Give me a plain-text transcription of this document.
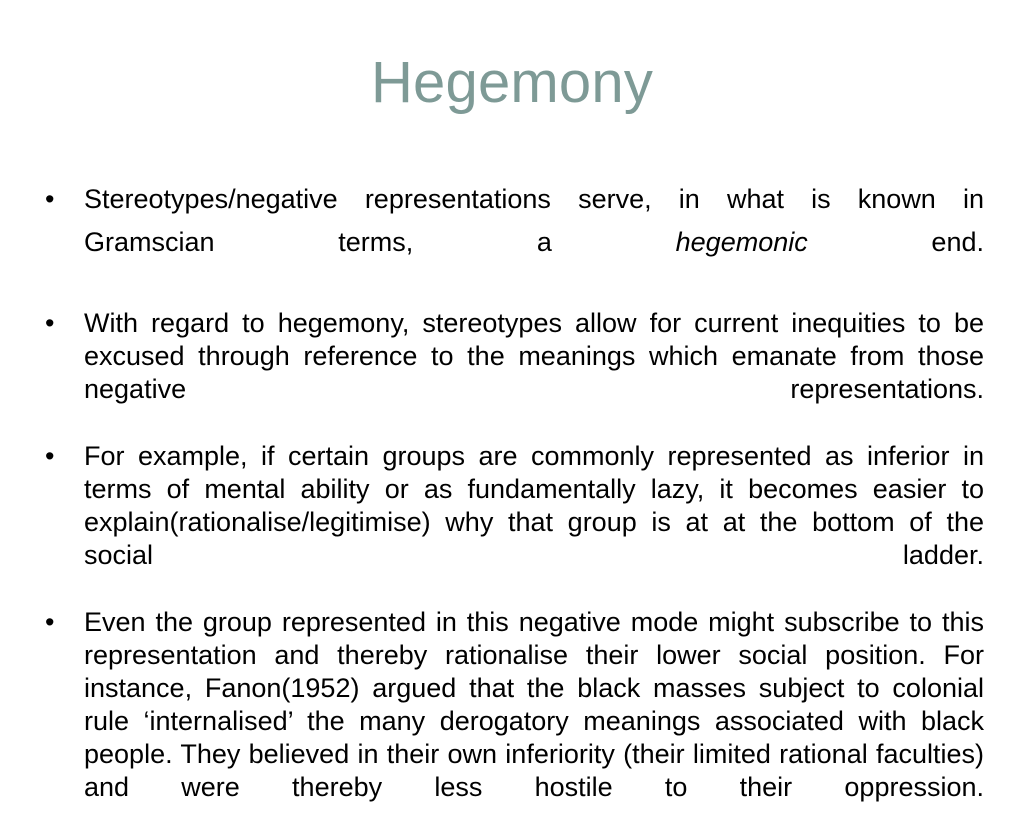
Hegemony
•	Stereotypes/negative representations serve, in what is known in Gramscian terms, a hegemonic end.
•	With regard to hegemony, stereotypes allow for current inequities to be excused through reference to the meanings which emanate from those negative representations.
•	For example, if certain groups are commonly represented as inferior in terms of mental ability or as fundamentally lazy, it becomes easier to explain(rationalise/legitimise) why that group is at at the bottom of the social ladder.
•	Even the group represented in this negative mode might subscribe to this representation and thereby rationalise their lower social position. For instance, Fanon(1952) argued that the black masses subject to colonial rule ‘internalised’ the many derogatory meanings associated with black people. They believed in their own inferiority (their limited rational faculties) and were thereby less hostile to their oppression.
